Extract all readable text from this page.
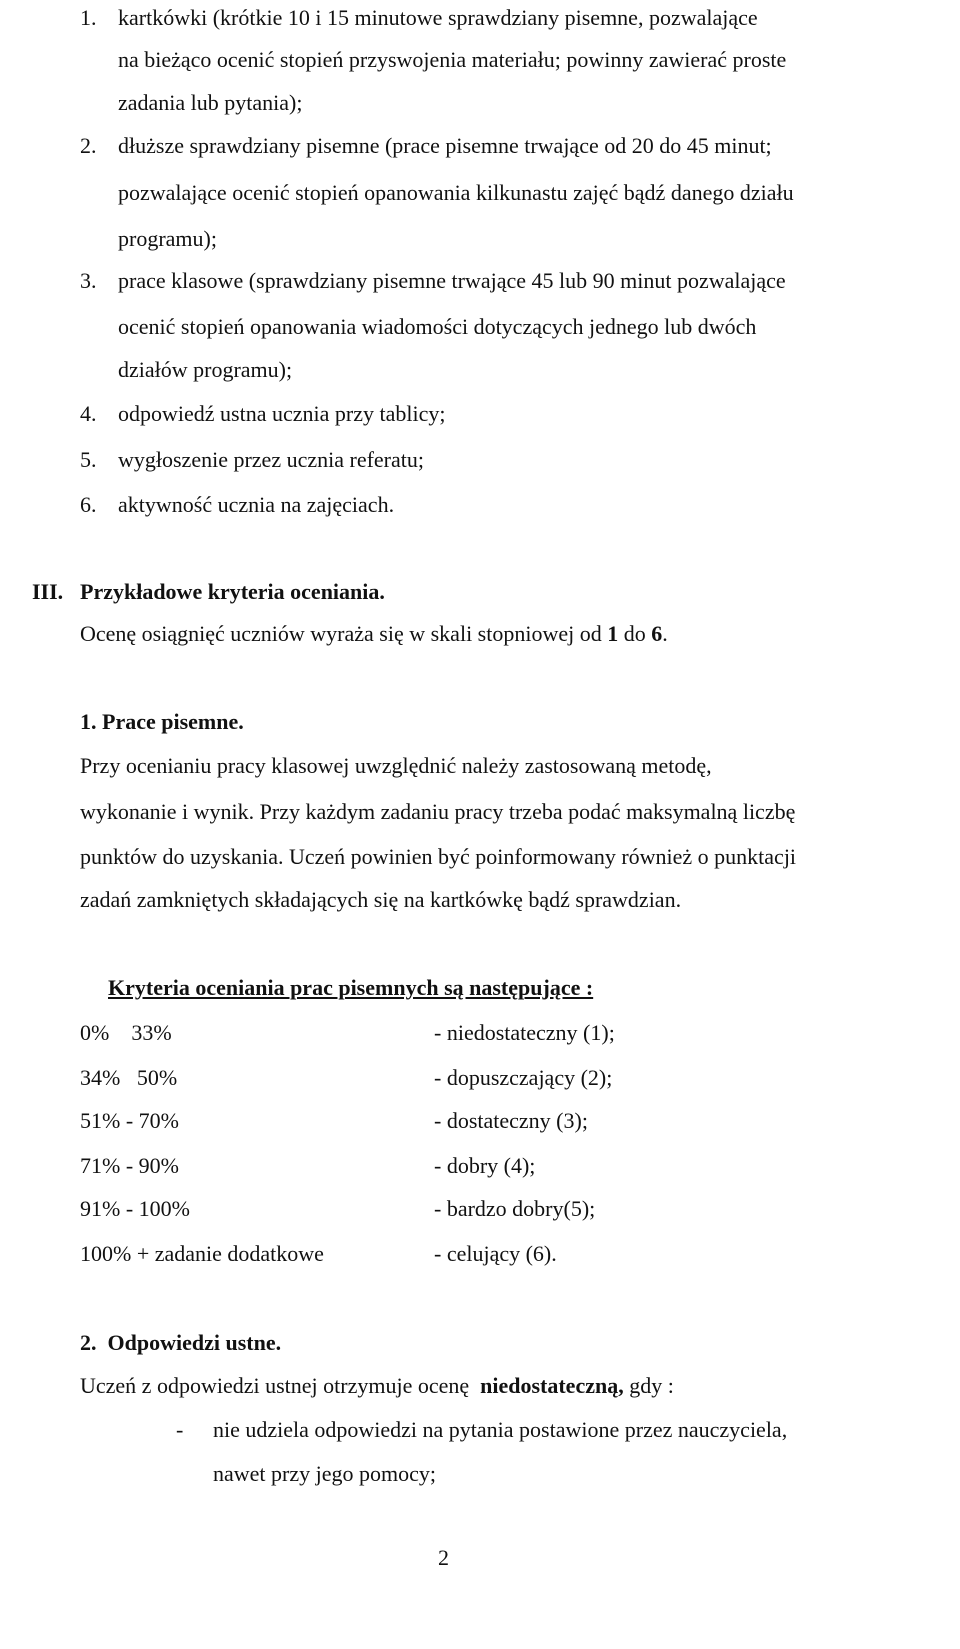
1. kartkówki (krótkie 10 i 15 minutowe sprawdziany pisemne, pozwalające
na bieżąco ocenić stopień przyswojenia materiału; powinny zawierać proste
zadania lub pytania);
2. dłuższe sprawdziany pisemne (prace pisemne trwające od 20 do 45 minut;
pozwalające ocenić stopień opanowania kilkunastu zajęć bądź danego działu
programu);
3. prace klasowe (sprawdziany pisemne trwające 45 lub 90 minut pozwalające
ocenić stopień opanowania wiadomości dotyczących jednego lub dwóch
działów programu);
4. odpowiedź ustna ucznia przy tablicy;
5. wygłoszenie przez ucznia referatu;
6. aktywność ucznia na zajęciach.
III. Przykładowe kryteria oceniania.
Ocenę osiągnięć uczniów wyraża się w skali stopniowej od 1 do 6.
1. Prace pisemne.
Przy ocenianiu pracy klasowej uwzględnić należy zastosowaną metodę,
wykonanie i wynik. Przy każdym zadaniu pracy trzeba podać maksymalną liczbę
punktów do uzyskania. Uczeń powinien być poinformowany również o punktacji
zadań zamkniętych składających się na kartkówkę bądź sprawdzian.
Kryteria oceniania prac pisemnych są następujące :
0%    33%	- niedostateczny (1);
34%   50%	- dopuszczający (2);
51% - 70%	- dostateczny (3);
71% - 90%	- dobry (4);
91% - 100%	- bardzo dobry(5);
100% + zadanie dodatkowe	- celujący (6).
2.  Odpowiedzi ustne.
Uczeń z odpowiedzi ustnej otrzymuje ocenę  niedostateczną, gdy :
- nie udziela odpowiedzi na pytania postawione przez nauczyciela,
nawet przy jego pomocy;
2
